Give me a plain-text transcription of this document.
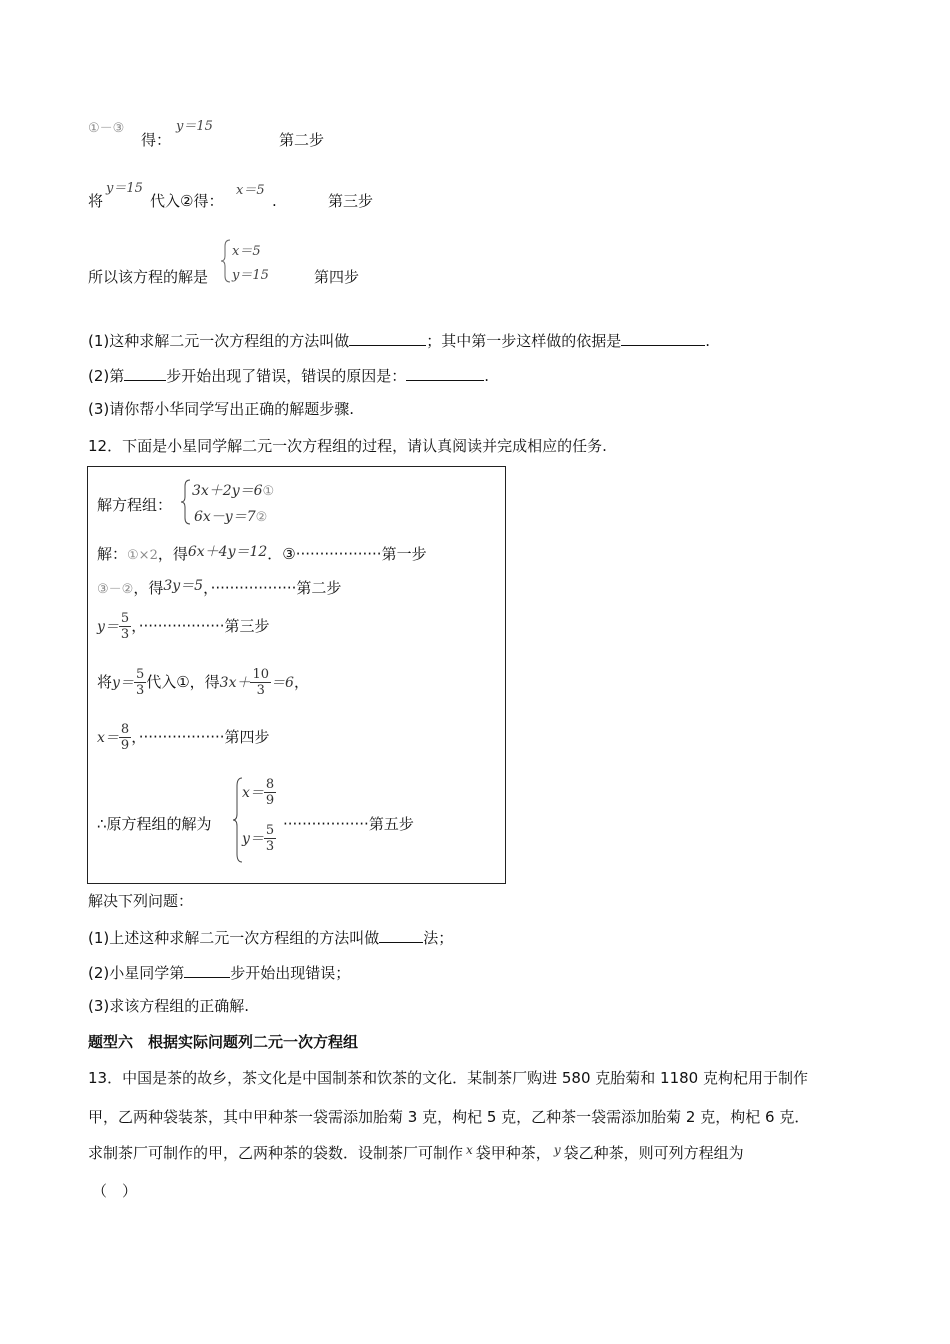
①－③	y＝15
得：	第二步
将
y＝15
代入②得：
x＝5
.	第三步
所以该方程的解是
x＝5
y＝15	第四步
(1)这种求解二元一次方程组的方法叫做	；其中第一步这样做的依据是	.
(2)第	步开始出现了错误，错误的原因是：	.
(3)请你帮小华同学写出正确的解题步骤.
12．下面是小星同学解二元一次方程组的过程，请认真阅读并完成相应的任务.
解方程组：
3x＋2y＝6①
6x－y＝7②
解：①×2，得6x＋4y＝12．③··················第一步
③－②，得3y＝5，··················第二步
$y= \frac{5}{3}$ ，··················第三步
将$y= \frac{5}{3}$ 代入①，得$3x+ \frac{10}{3} =6$，
$x= \frac{8}{9}$ ，··················第四步
∴原方程组的解为
$x= \frac{8}{9}$
$y= \frac{5}{3}$ ··················第五步
解决下列问题：
(1)上述这种求解二元一次方程组的方法叫做	法；
(2)小星同学第	步开始出现错误；
(3)求该方程组的正确解.
题型六　根据实际问题列二元一次方程组
13．中国是茶的故乡，茶文化是中国制茶和饮茶的文化．某制茶厂购进 580 克胎菊和 1180 克枸杞用于制作
甲，乙两种袋装茶，其中甲种茶一袋需添加胎菊 3 克，枸杞 5 克，乙种茶一袋需添加胎菊 2 克，枸杞 6 克．
求制茶厂可制作的甲，乙两种茶的袋数．设制茶厂可制作 $^x$ 袋甲种茶， $^y$ 袋乙种茶，则可列方程组为
（　）
